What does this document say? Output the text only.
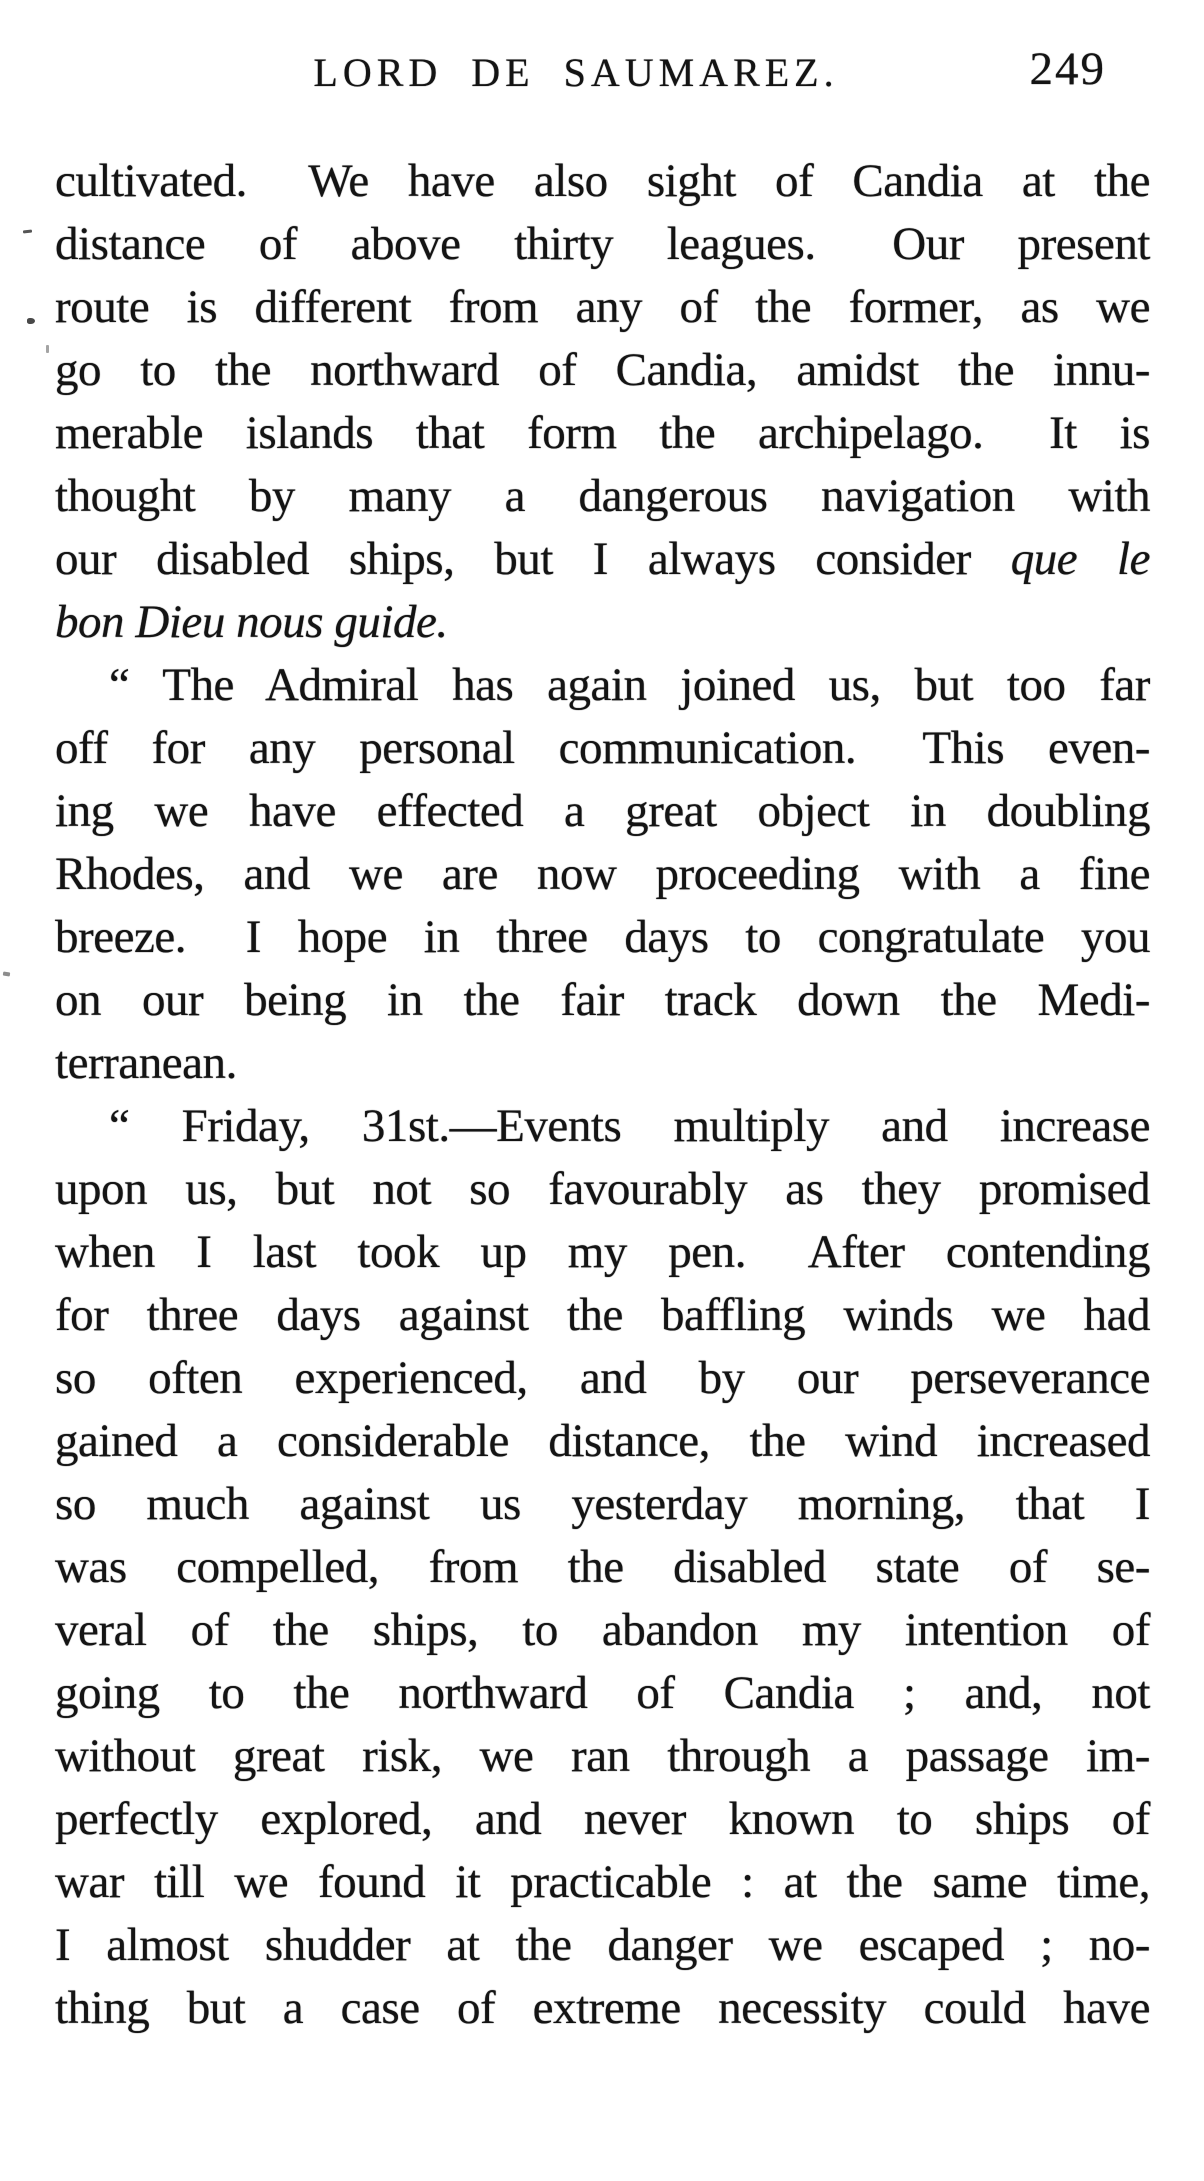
LORD DE SAUMAREZ.	249
cultivated.  We have also sight of Candia at the
distance of above thirty leagues.  Our present
route is different from any of the former, as we
go to the northward of Candia, amidst the innu-
merable islands that form the archipelago.  It is
thought by many a dangerous navigation with
our disabled ships, but I always consider que le
bon Dieu nous guide.
“ The Admiral has again joined us, but too far
off for any personal communication.  This even-
ing we have effected a great object in doubling
Rhodes, and we are now proceeding with a fine
breeze.  I hope in three days to congratulate you
on our being in the fair track down the Medi-
terranean.
“ Friday, 31st.—Events multiply and increase
upon us, but not so favourably as they promised
when I last took up my pen.  After contending
for three days against the baffling winds we had
so often experienced, and by our perseverance
gained a considerable distance, the wind increased
so much against us yesterday morning, that I
was compelled, from the disabled state of se-
veral of the ships, to abandon my intention of
going to the northward of Candia ; and, not
without great risk, we ran through a passage im-
perfectly explored, and never known to ships of
war till we found it practicable : at the same time,
I almost shudder at the danger we escaped ; no-
thing but a case of extreme necessity could have
